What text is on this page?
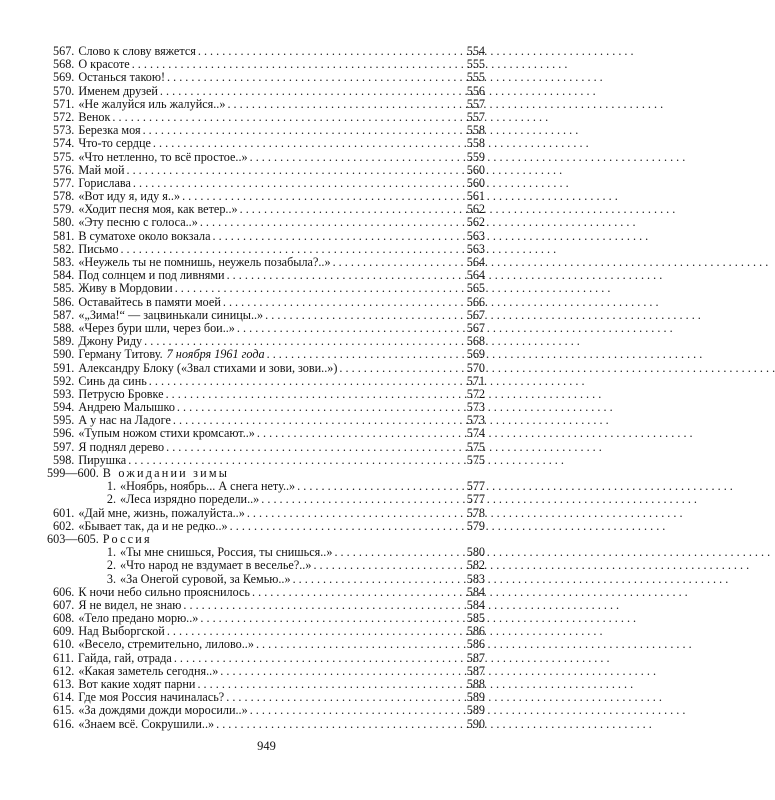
567. Слово к слову вяжется . . .	554
568. О красоте . . .	555
569. Останься такою! . . .	555
570. Именем друзей . . .	556
571. «Не жалуйся иль жалуйся..» . . .	557
572. Венок . . .	557
573. Березка моя . . .	558
574. Что-то сердце . . .	558
575. «Что нетленно, то всё простое..» . . .	559
576. Май мой . . .	560
577. Горислава . . .	560
578. «Вот иду я, иду я..» . . .	561
579. «Ходит песня моя, как ветер..» . . .	562
580. «Эту песню с голоса..» . . .	562
581. В суматохе около вокзала . . .	563
582. Письмо . . .	563
583. «Неужель ты не помнишь, неужель позабыла?..» . . .	564
584. Под солнцем и под ливнями . . .	564
585. Живу в Мордовии . . .	565
586. Оставайтесь в памяти моей . . .	566
587. «„Зима!“ — зацвинькали синицы..» . . .	567
588. «Через бури шли, через бои..» . . .	567
589. Джону Риду . . .	568
590. Герману Титову. 7 ноября 1961 года . . .	569
591. Александру Блоку («Звал стихами и зови, зови..») . . .	570
592. Синь да синь . . .	571
593. Петрусю Бровке . . .	572
594. Андрею Малышко . . .	573
595. А у нас на Ладоге . . .	573
596. «Тупым ножом стихи кромсают..» . . .	574
597. Я поднял дерево . . .	575
598. Пирушка . . .	575
599—600. В ожидании зимы
1. «Ноябрь, ноябрь... А снега нету..» . . .	577
2. «Леса изрядно поредели..» . . .	577
601. «Дай мне, жизнь, пожалуйста..» . . .	578
602. «Бывает так, да и не редко..» . . .	579
603—605. Россия
1. «Ты мне снишься, Россия, ты снишься..» . . .	580
2. «Что народ не вздумает в веселье?..» . . .	582
3. «За Онегой суровой, за Кемью..» . . .	583
606. К ночи небо сильно прояснилось . . .	584
607. Я не видел, не знаю . . .	584
608. «Тело предано морю..» . . .	585
609. Над Выборгской . . .	586
610. «Весело, стремительно, лилово..» . . .	586
611. Гайда, гай, отрада . . .	587
612. «Какая заметель сегодня..» . . .	587
613. Вот какие ходят парни . . .	588
614. Где моя Россия начиналась? . . .	589
615. «За дождями дожди моросили..» . . .	589
616. «Знаем всё. Сокрушили..» . . .	590
949
